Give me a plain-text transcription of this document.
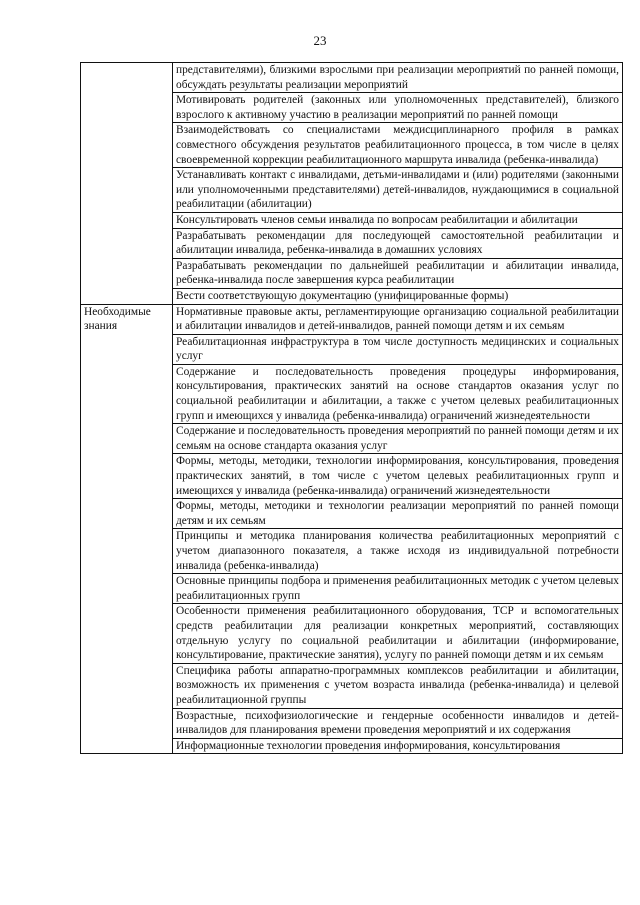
23
	представителями), близкими взрослыми при реализации мероприятий по ранней помощи, обсуждать результаты реализации мероприятий
	Мотивировать родителей (законных или уполномоченных представителей), близкого взрослого к активному участию в реализации мероприятий по ранней помощи
	Взаимодействовать со специалистами междисциплинарного профиля в рамках совместного обсуждения результатов реабилитационного процесса, в том числе в целях своевременной коррекции реабилитационного маршрута инвалида (ребенка-инвалида)
	Устанавливать контакт с инвалидами, детьми-инвалидами и (или) родителями (законными или уполномоченными представителями) детей-инвалидов, нуждающимися в социальной реабилитации (абилитации)
	Консультировать членов семьи инвалида по вопросам реабилитации и абилитации
	Разрабатывать рекомендации для последующей самостоятельной реабилитации и абилитации инвалида, ребенка-инвалида в домашних условиях
	Разрабатывать рекомендации по дальнейшей реабилитации и абилитации инвалида, ребенка-инвалида после завершения курса реабилитации
	Вести соответствующую документацию (унифицированные формы)
Необходимые знания	Нормативные правовые акты, регламентирующие организацию социальной реабилитации и абилитации инвалидов и детей-инвалидов, ранней помощи детям и их семьям
	Реабилитационная инфраструктура в том числе доступность медицинских и социальных услуг
	Содержание и последовательность проведения процедуры информирования, консультирования, практических занятий на основе стандартов оказания услуг по социальной реабилитации и абилитации, а также с учетом целевых реабилитационных групп и имеющихся у инвалида (ребенка-инвалида) ограничений жизнедеятельности
	Содержание и последовательность проведения мероприятий по ранней помощи детям и их семьям на основе стандарта оказания услуг
	Формы, методы, методики, технологии информирования, консультирования, проведения практических занятий, в том числе с учетом целевых реабилитационных групп и имеющихся у инвалида (ребенка-инвалида) ограничений жизнедеятельности
	Формы, методы, методики и технологии реализации мероприятий по ранней помощи детям и их семьям
	Принципы и методика планирования количества реабилитационных мероприятий с учетом диапазонного показателя, а также исходя из индивидуальной потребности инвалида (ребенка-инвалида)
	Основные принципы подбора и применения реабилитационных методик с учетом целевых реабилитационных групп
	Особенности применения реабилитационного оборудования, ТСР и вспомогательных средств реабилитации для реализации конкретных мероприятий, составляющих отдельную услугу по социальной реабилитации и абилитации (информирование, консультирование, практические занятия), услугу по ранней помощи детям и их семьям
	Специфика работы аппаратно-программных комплексов реабилитации и абилитации, возможность их применения с учетом возраста инвалида (ребенка-инвалида) и целевой реабилитационной группы
	Возрастные, психофизиологические и гендерные особенности инвалидов и детей-инвалидов для планирования времени проведения мероприятий и их содержания
	Информационные технологии проведения информирования, консультирования
